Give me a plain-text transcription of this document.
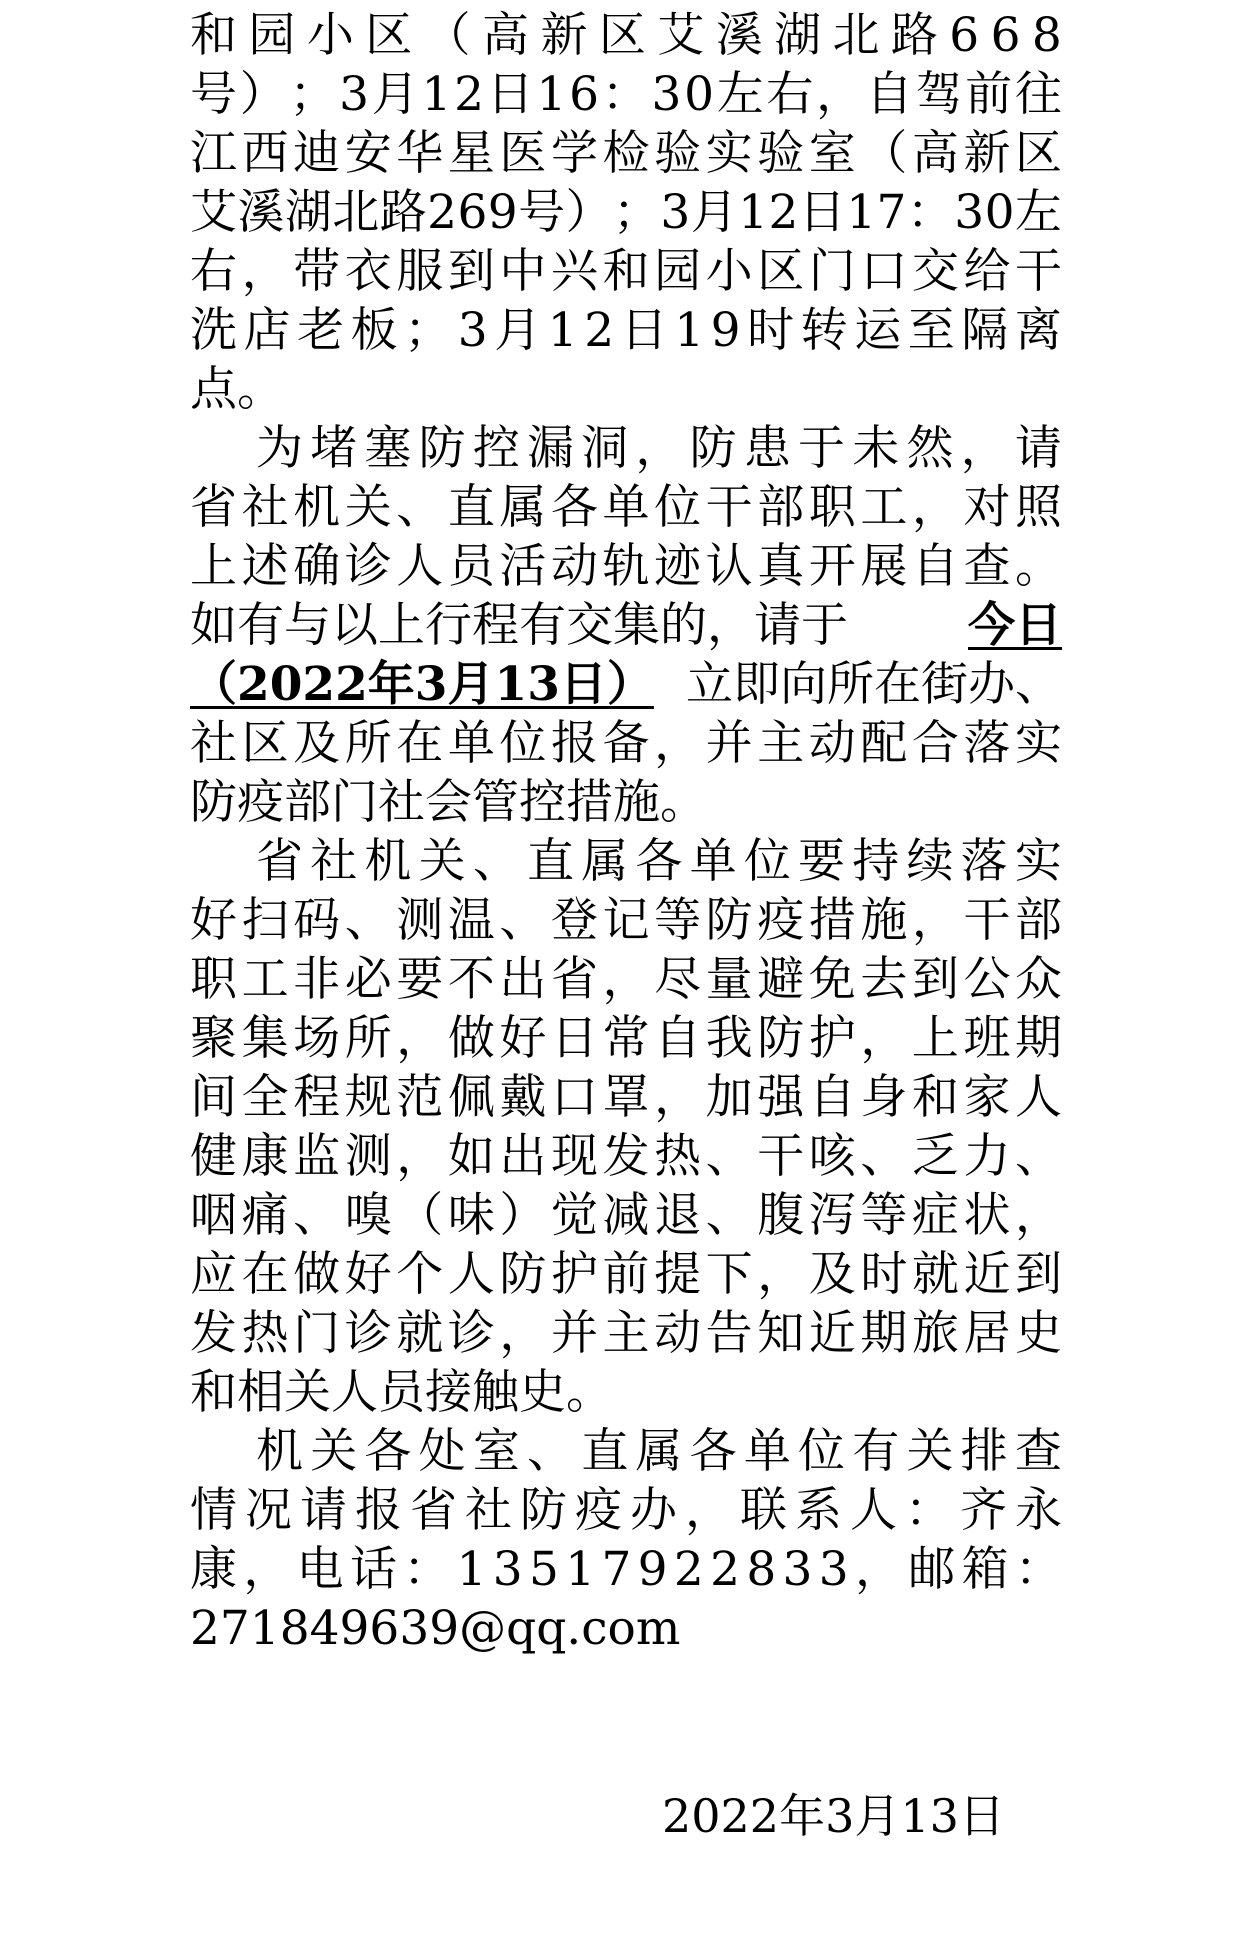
和 园 小 区 （ 高 新 区 艾 溪 湖 北 路 6 6 8
号 ） ； 3 月 1 2 日 1 6 ： 3 0 左 右 ， 自 驾 前 往
江 西 迪 安 华 星 医 学 检 验 实 验 室 （ 高 新 区
艾 溪 湖 北 路 2 6 9 号 ） ； 3 月 1 2 日 1 7 ： 3 0 左
右 ， 带 衣 服 到 中 兴 和 园 小 区 门 口 交 给 干
洗 店 老 板 ； 3 月 1 2 日 1 9 时 转 运 至 隔 离
点。
为 堵 塞 防 控 漏 洞 ， 防 患 于 未 然 ， 请
省 社 机 关 、 直 属 各 单 位 干 部 职 工 ， 对 照
上 述 确 诊 人 员 活 动 轨 迹 认 真 开 展 自 查 。
如有与以上行程有交集的，请于	今日
（2022年3月13日） 立即向所在街办、
社 区 及 所 在 单 位 报 备 ， 并 主 动 配 合 落 实
防疫部门社会管控措施。
省 社 机 关 、 直 属 各 单 位 要 持 续 落 实
好 扫 码 、 测 温 、 登 记 等 防 疫 措 施 ， 干 部
职 工 非 必 要 不 出 省 ， 尽 量 避 免 去 到 公 众
聚 集 场 所 ， 做 好 日 常 自 我 防 护 ， 上 班 期
间 全 程 规 范 佩 戴 口 罩 ， 加 强 自 身 和 家 人
健 康 监 测 ， 如 出 现 发 热 、 干 咳 、 乏 力 、
咽 痛 、 嗅 （ 味 ） 觉 减 退 、 腹 泻 等 症 状 ，
应 在 做 好 个 人 防 护 前 提 下 ， 及 时 就 近 到
发 热 门 诊 就 诊 ， 并 主 动 告 知 近 期 旅 居 史
和相关人员接触史。
机 关 各 处 室 、 直 属 各 单 位 有 关 排 查
情 况 请 报 省 社 防 疫 办 ， 联 系 人 ： 齐 永
康 ， 电 话 ： 1 3 5 1 7 9 2 2 8 3 3 ， 邮 箱 ：
271849639@qq.com
2022年3月13日
